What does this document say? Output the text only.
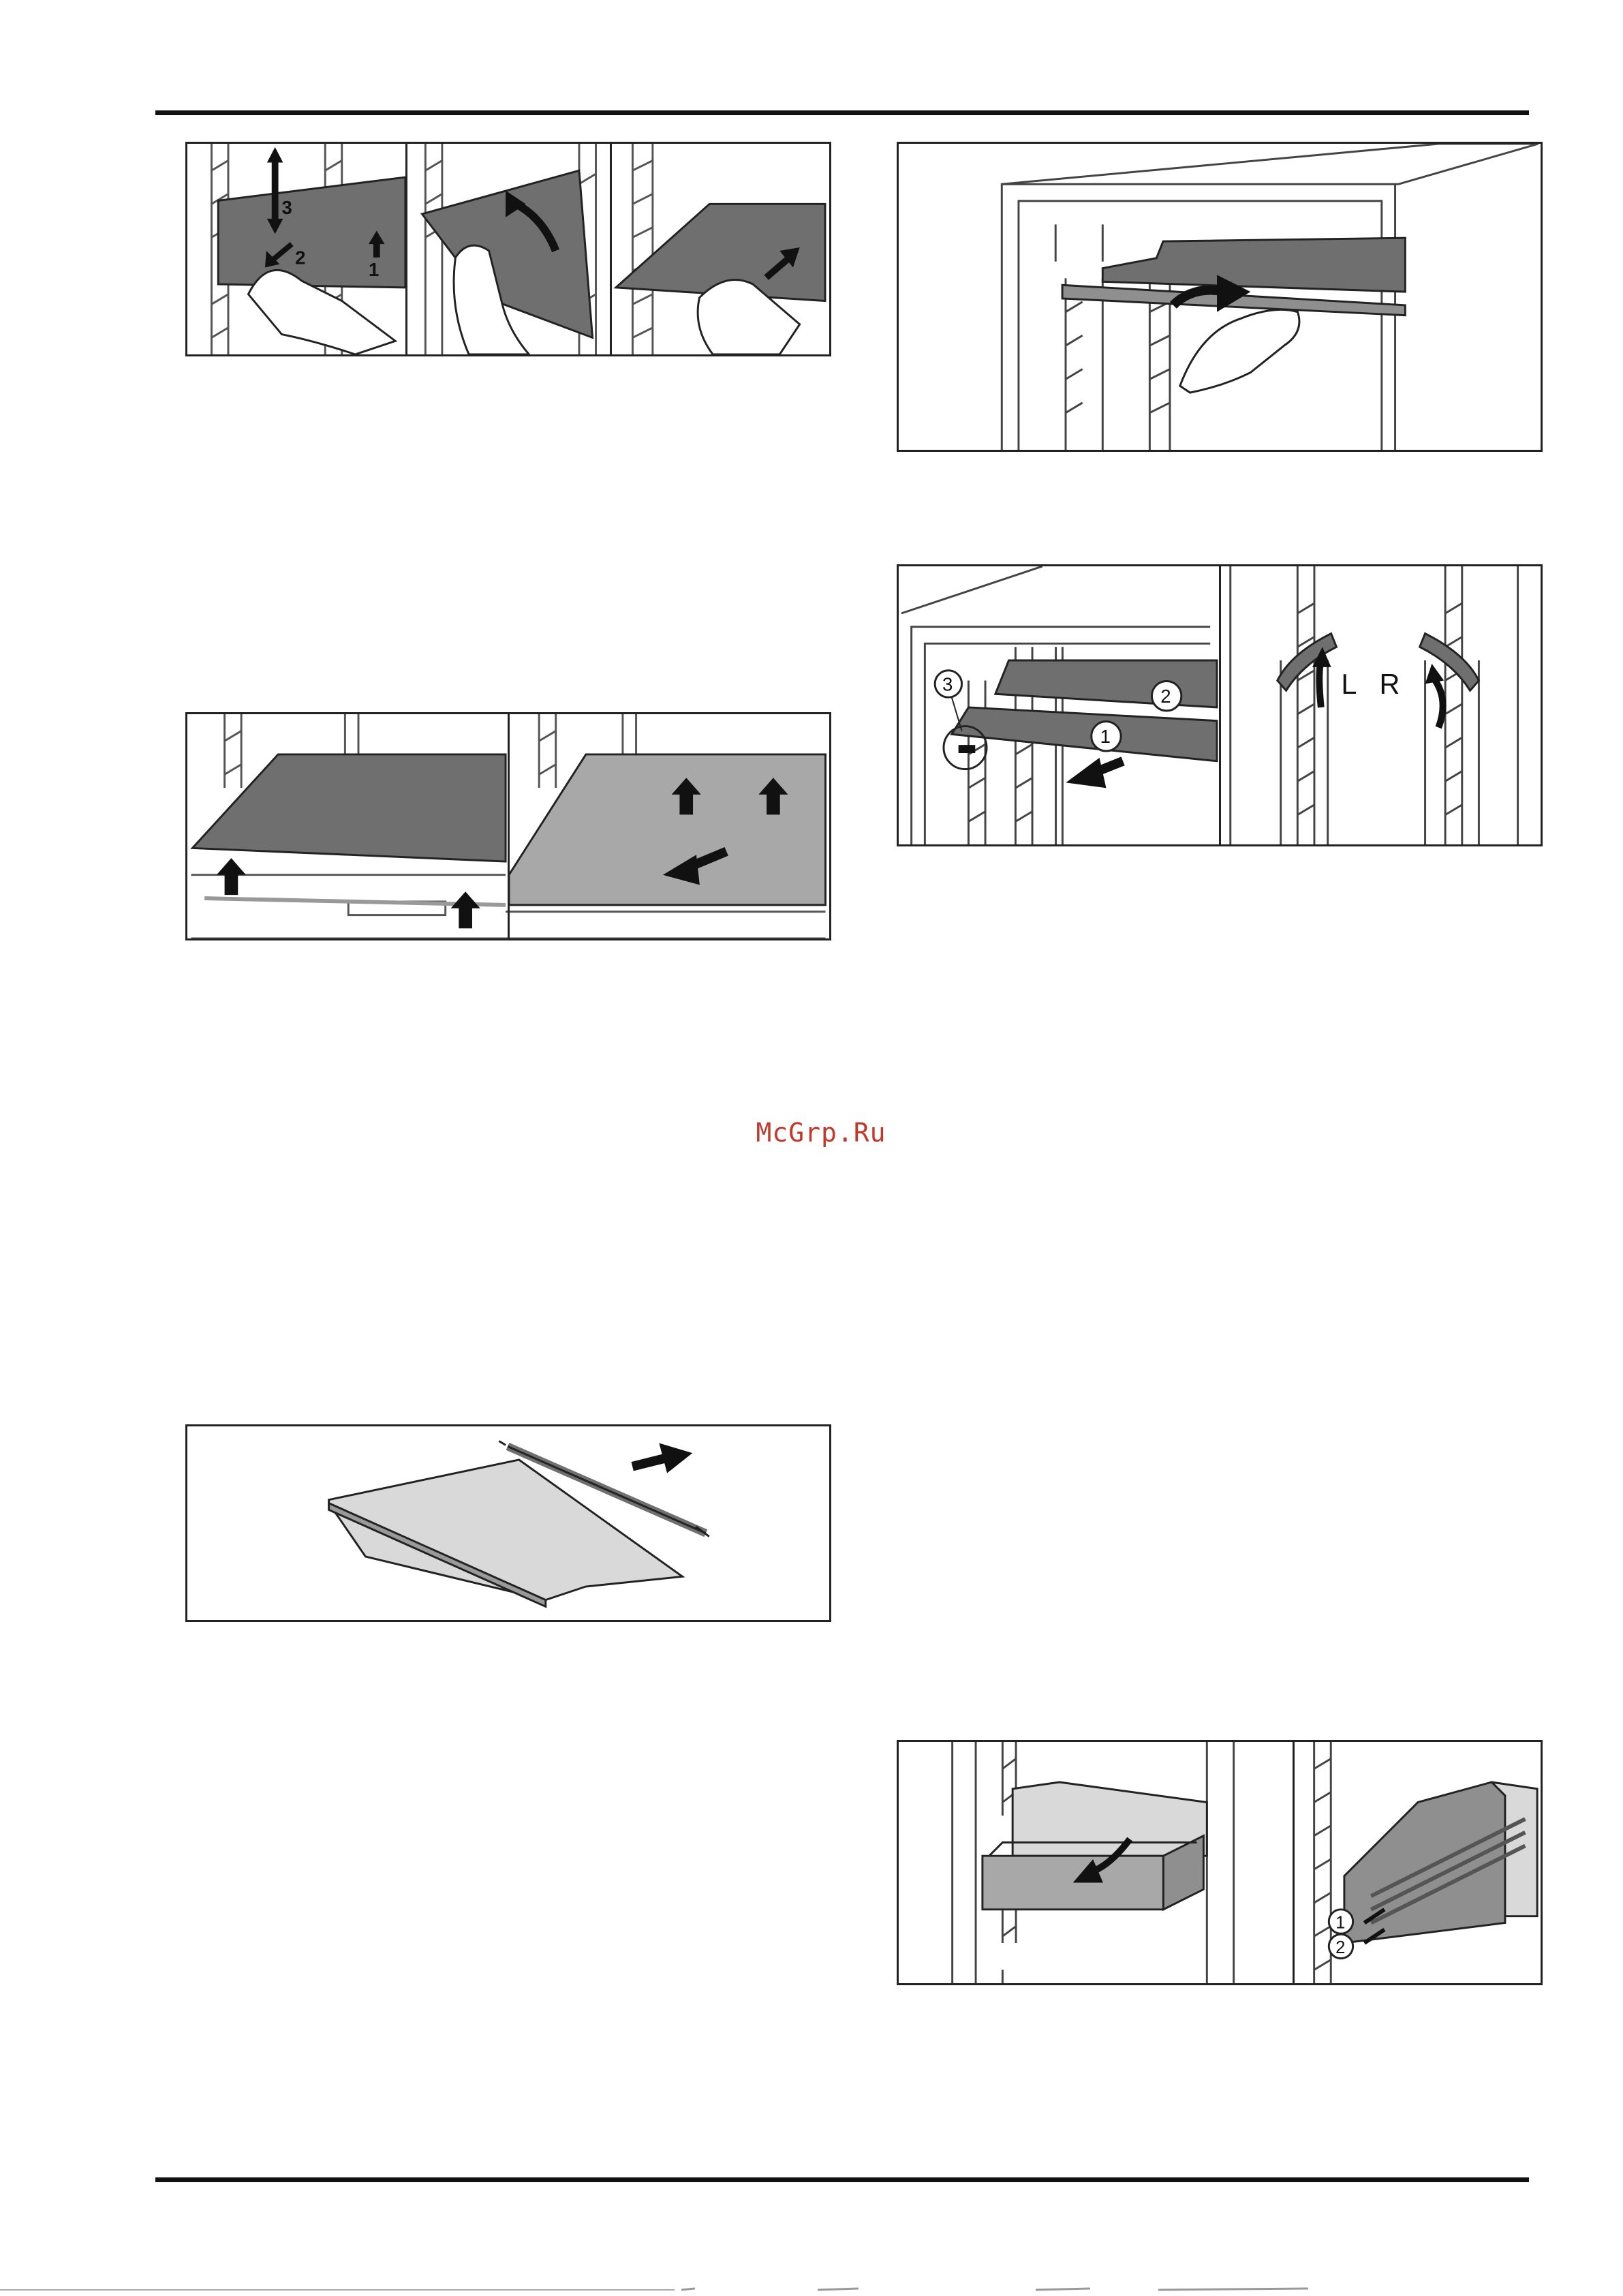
3
2
1
3
2
1
L R
McGrp.Ru
1
2
